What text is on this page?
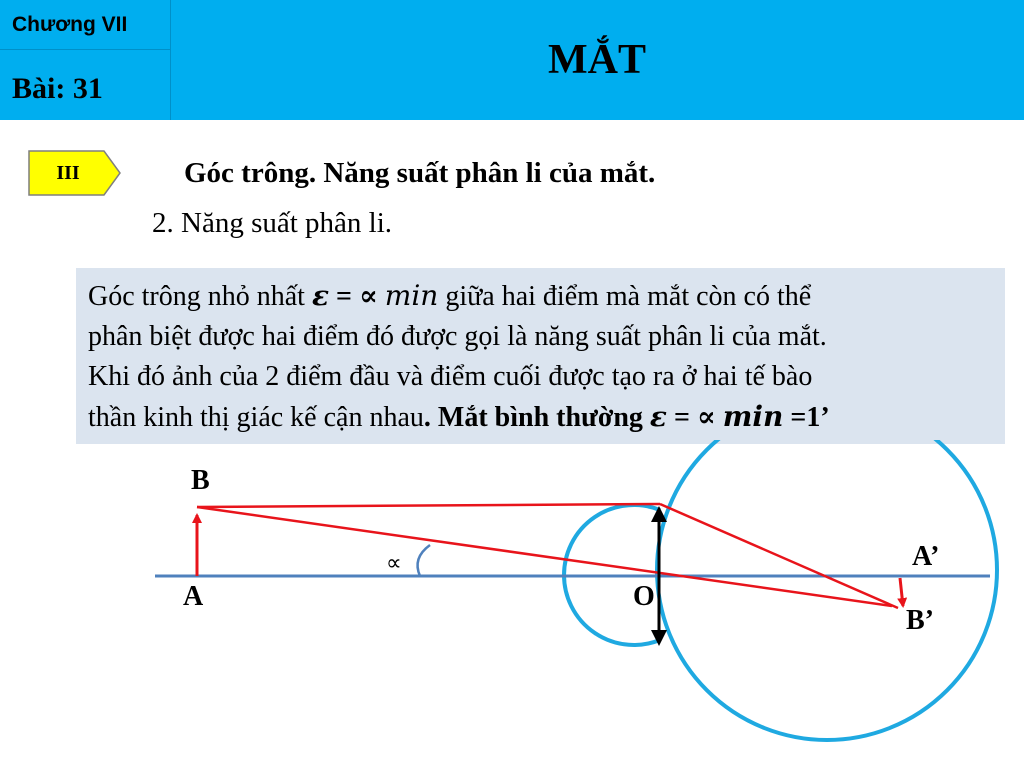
Chương VII
Bài: 31
MẮT
III	Góc trông. Năng suất phân li của mắt.
2. Năng suất phân li.
Góc trông nhỏ nhất ε = ∝ min giữa hai điểm mà mắt còn có thể
phân biệt được hai điểm đó được gọi là năng suất phân li của mắt.
Khi đó ảnh của 2 điểm đầu và điểm cuối được tạo ra ở hai tế bào
thần kinh thị giác kế cận nhau. Mắt bình thường ε = ∝ min =1’
∝
B
A	O
A’
B’
